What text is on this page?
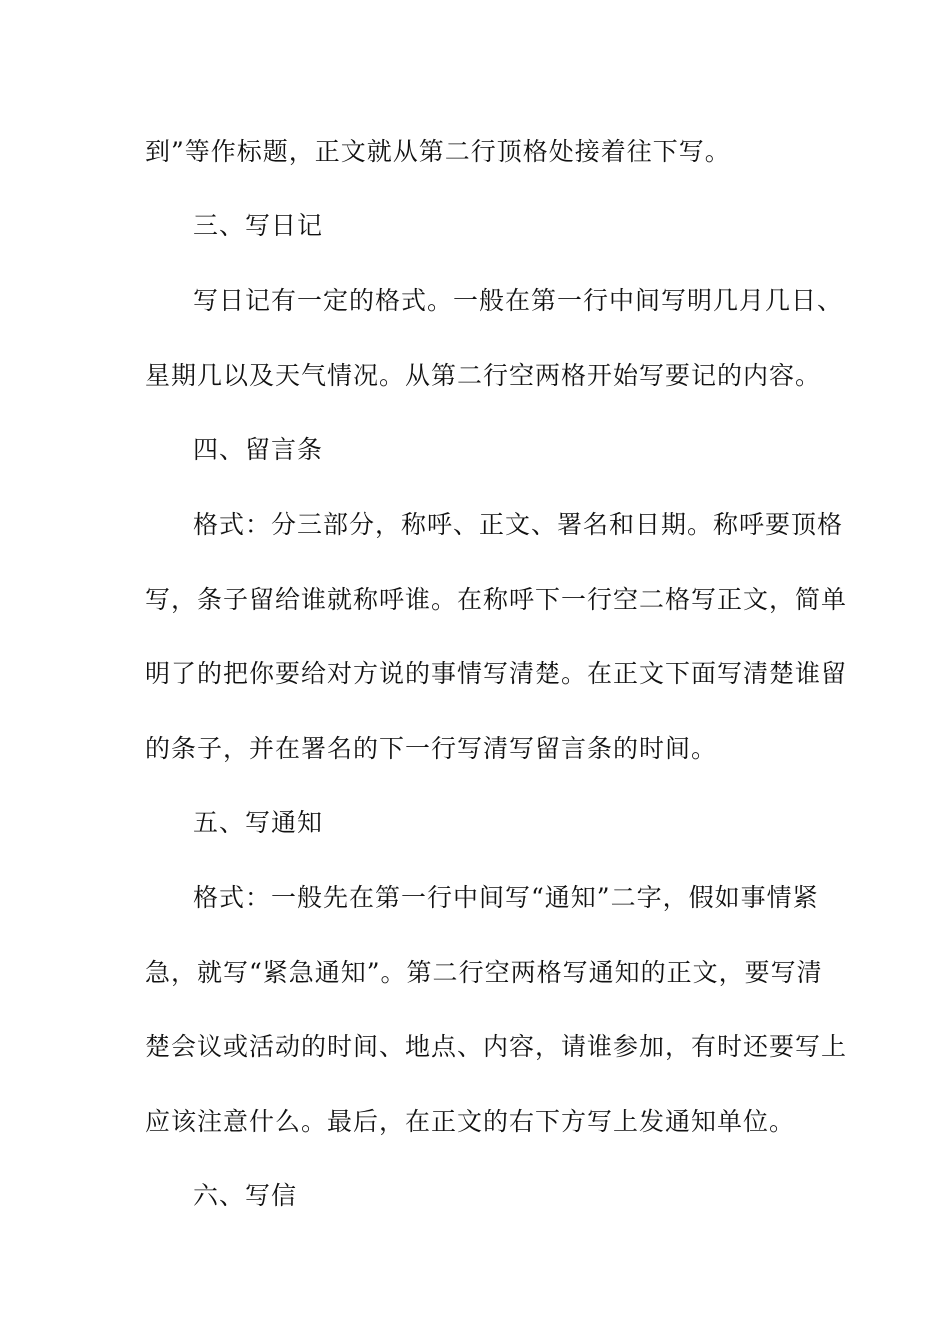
到”等作标题，正文就从第二行顶格处接着往下写。
三、写日记
写日记有一定的格式。一般在第一行中间写明几月几日、
星期几以及天气情况。从第二行空两格开始写要记的内容。
四、留言条
格式：分三部分，称呼、正文、署名和日期。称呼要顶格
写，条子留给谁就称呼谁。在称呼下一行空二格写正文，简单
明了的把你要给对方说的事情写清楚。在正文下面写清楚谁留
的条子，并在署名的下一行写清写留言条的时间。
五、写通知
格式：一般先在第一行中间写“通知”二字，假如事情紧
急，就写“紧急通知”。第二行空两格写通知的正文，要写清
楚会议或活动的时间、地点、内容，请谁参加，有时还要写上
应该注意什么。最后，在正文的右下方写上发通知单位。
六、写信
